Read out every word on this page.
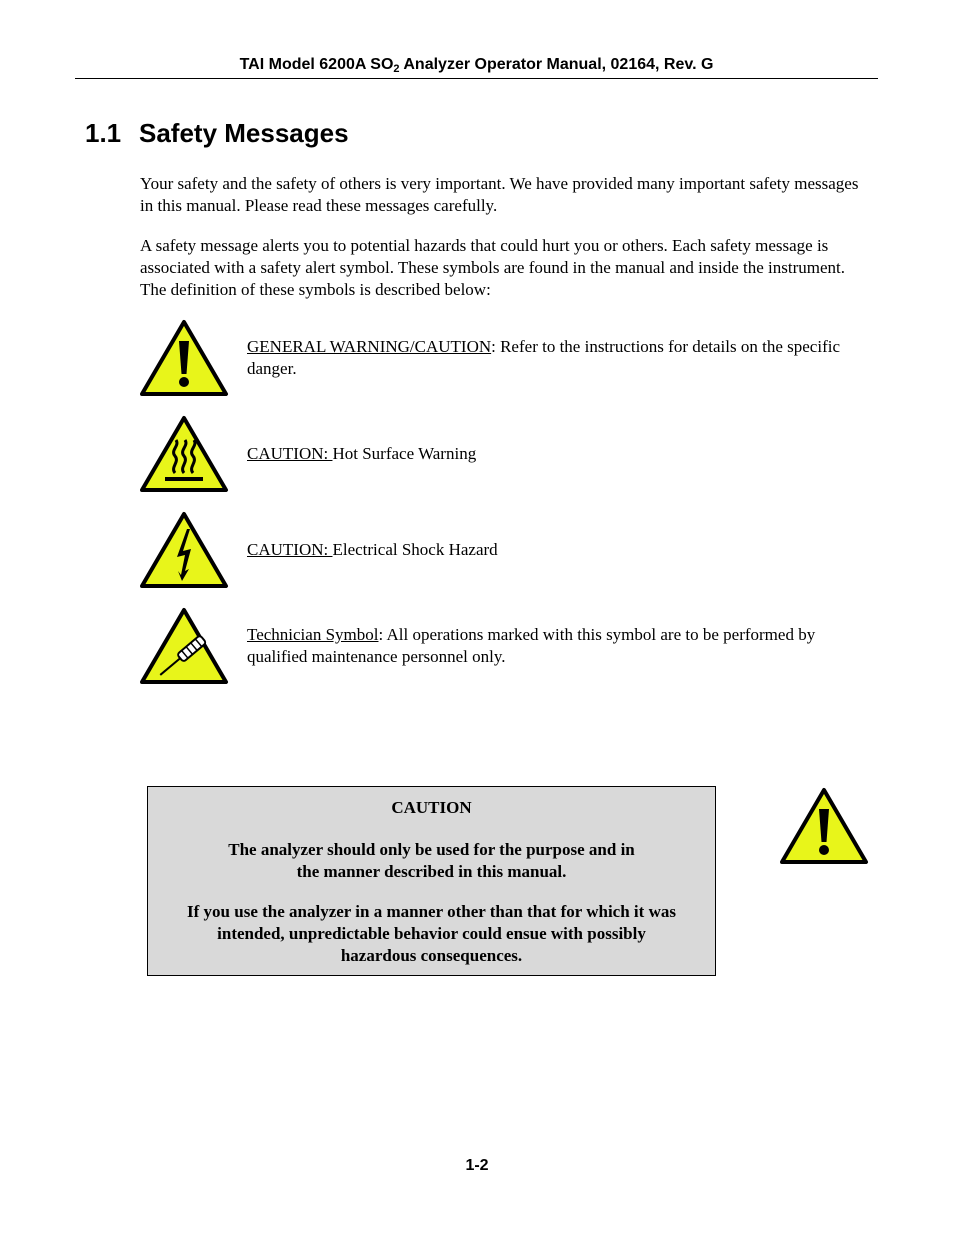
TAI Model 6200A $SO_2$ Analyzer Operator Manual, 02164, Rev. G
1.1 Safety Messages
Your safety and the safety of others is very important. We have provided many important safety messages in this manual. Please read these messages carefully.
A safety message alerts you to potential hazards that could hurt you or others. Each safety message is associated with a safety alert symbol. These symbols are found in the manual and inside the instrument. The definition of these symbols is described below:
GENERAL WARNING/CAUTION: Refer to the instructions for details on the specific danger.
CAUTION: Hot Surface Warning
CAUTION: Electrical Shock Hazard
Technician Symbol: All operations marked with this symbol are to be performed by qualified maintenance personnel only.
CAUTION
The analyzer should only be used for the purpose and in the manner described in this manual.
If you use the analyzer in a manner other than that for which it was intended, unpredictable behavior could ensue with possibly hazardous consequences.
1-2
